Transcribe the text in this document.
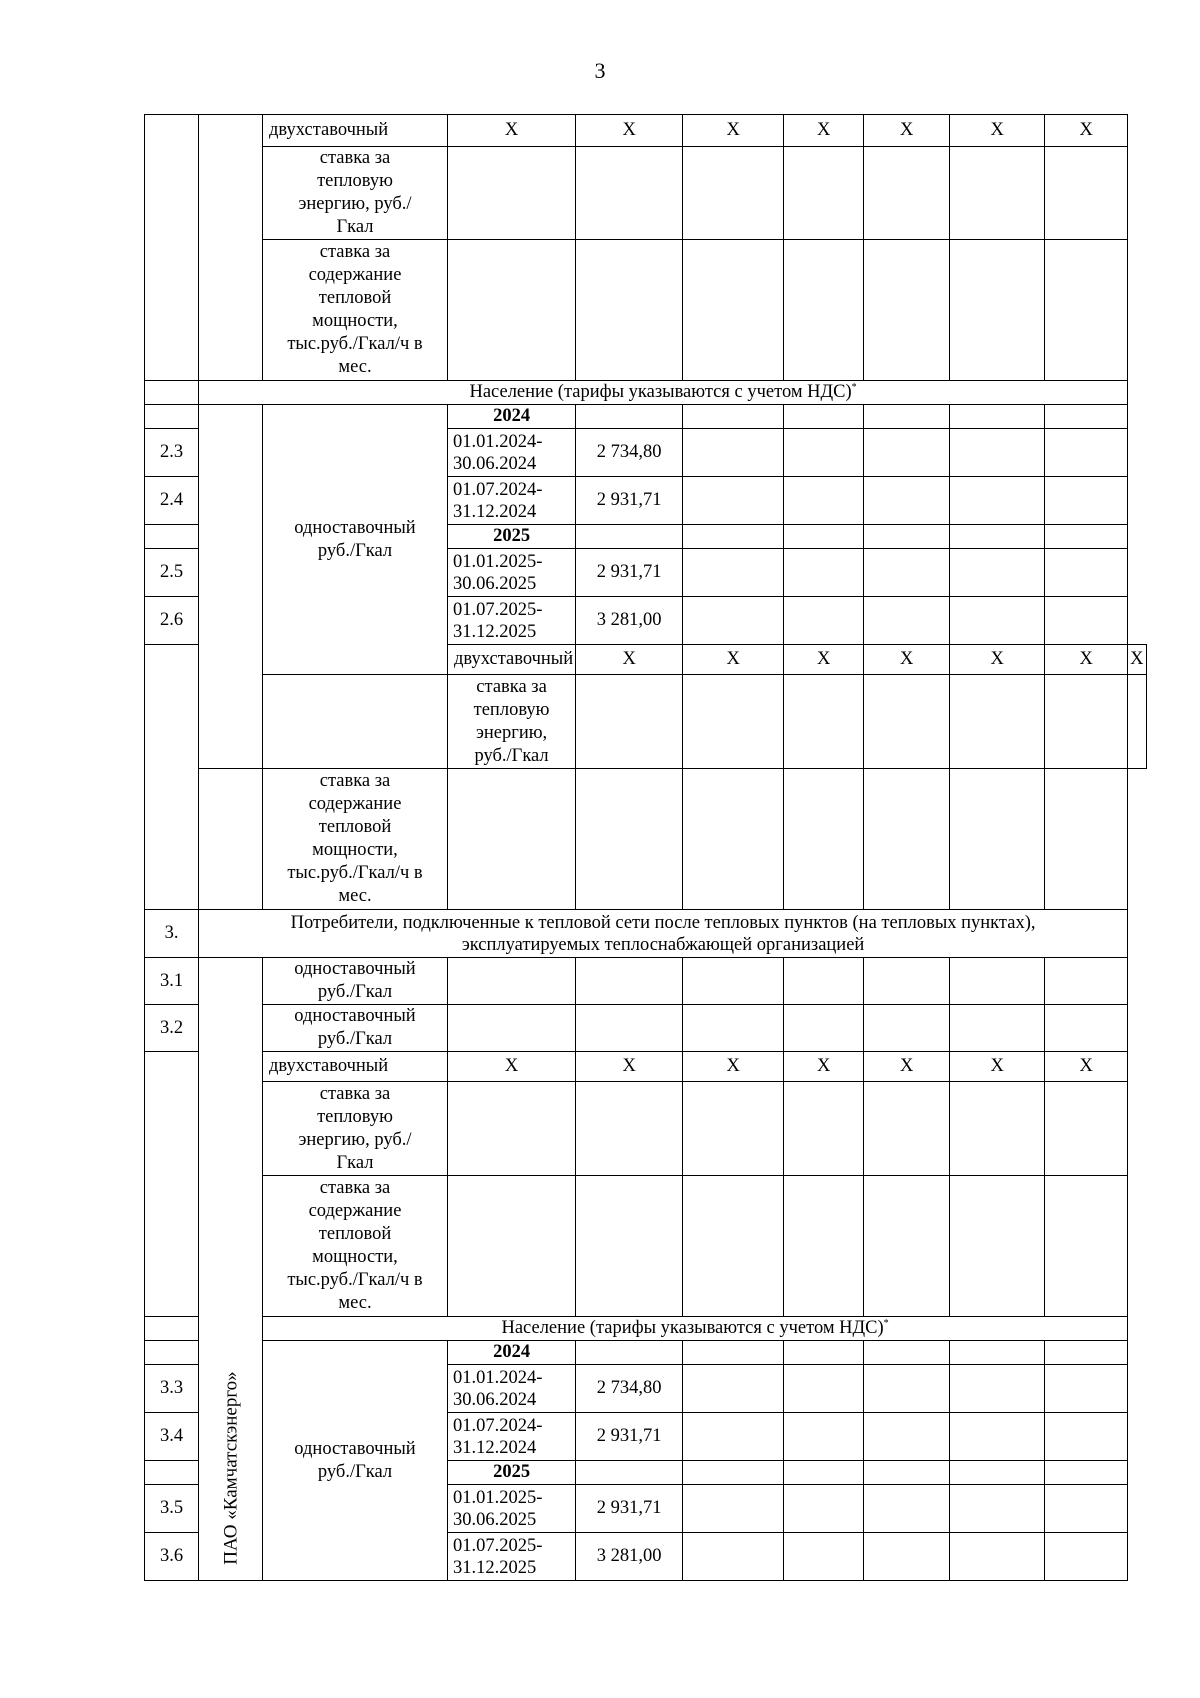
3
		двухставочный	X	X	X	X	X	X	X	
		ставка за тепловую энергию, руб./Гкал								
		ставка за содержание тепловой мощности, тыс.руб./Гкал/ч в мес.								
	Население (тарифы указываются с учетом НДС)*
		одноставочный руб./Гкал	2024							
2.3			01.01.2024-30.06.2024	2 734,80						
2.4			01.07.2024-31.12.2024	2 931,71						
			2025							
2.5			01.01.2025-30.06.2025	2 931,71						
2.6			01.07.2025-31.12.2025	3 281,00						
			двухставочный	X	X	X	X	X	X	X
			ставка за тепловую энергию, руб./Гкал							
		ставка за содержание тепловой мощности, тыс.руб./Гкал/ч в мес.								
3.	Потребители, подключенные к тепловой сети после тепловых пунктов (на тепловых пунктах), эксплуатируемых теплоснабжающей организацией									
3.1	ПАО «Камчатскэнерго»	одноставочный руб./Гкал								
3.2		одноставочный руб./Гкал								
		двухставочный	X	X	X	X	X	X	X	
		ставка за тепловую энергию, руб./Гкал								
		ставка за содержание тепловой мощности, тыс.руб./Гкал/ч в мес.								
		Население (тарифы указываются с учетом НДС)*
		одноставочный руб./Гкал	2024							
3.3			01.01.2024-30.06.2024	2 734,80						
3.4			01.07.2024-31.12.2024	2 931,71						
			2025							
3.5			01.01.2025-30.06.2025	2 931,71						
3.6			01.07.2025-31.12.2025	3 281,00						
